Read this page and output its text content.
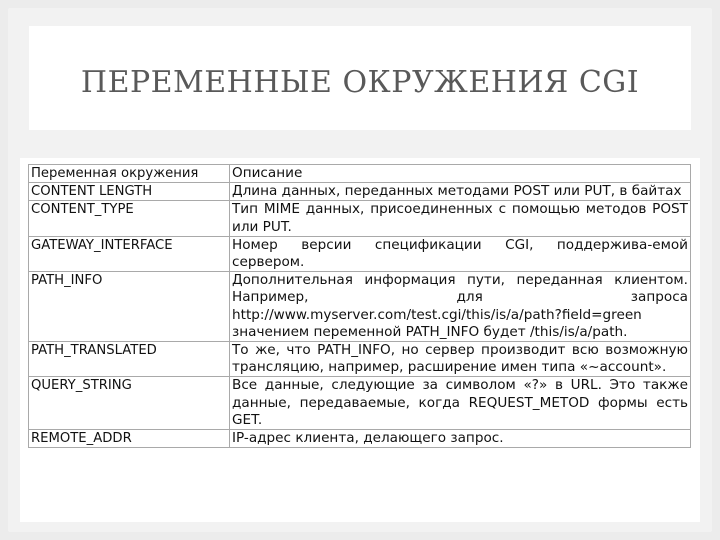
ПЕРЕМЕННЫЕ ОКРУЖЕНИЯ CGI
Переменная окружения	Описание
CONTENT LENGTH	Длина данных, переданных методами POST или PUT, в байтах
CONTENT_TYPE	Тип MIME данных, присоединенных с помощью методов POST или PUT.
GATEWAY_INTERFACE	Номер версии спецификации CGI, поддержива-емой сервером.
PATH_INFO	Дополнительная информация пути, переданная клиентом. Например, для запроса http://www.myserver.com/test.cgi/this/is/a/path?field=green значением переменной PATH_INFO будет /this/is/a/path.
PATH_TRANSLATED	То же, что PATH_INFO, но сервер производит всю возможную трансляцию, например, расширение имен типа «~account».
QUERY_STRING	Все данные, следующие за символом «?» в URL. Это также данные, передаваемые, когда REQUEST_METOD формы есть GET.
REMOTE_ADDR	IP-адрес клиента, делающего запрос.
